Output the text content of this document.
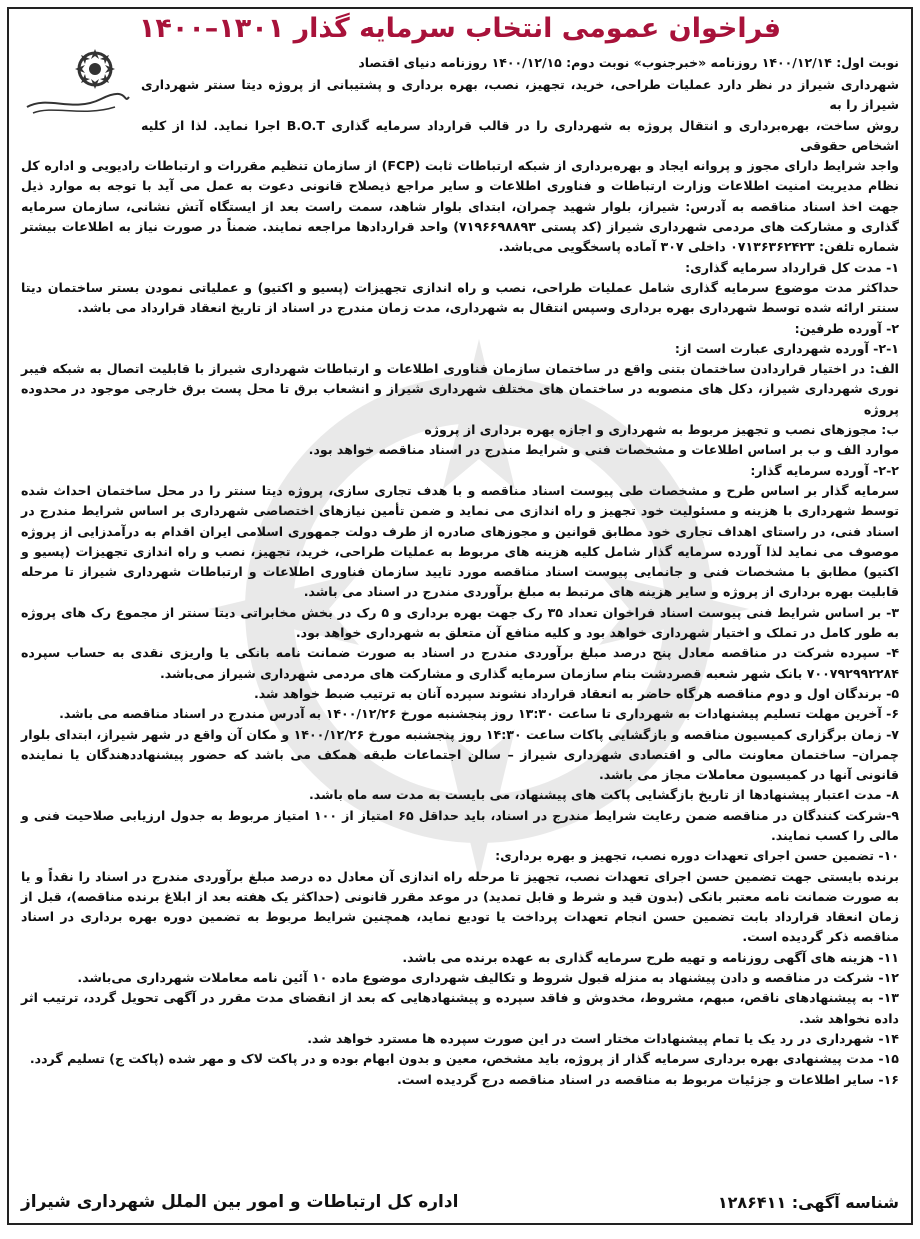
فراخوان عمومی انتخاب سرمایه گذار ۱۳۰۱–۱۴۰۰
نوبت اول: ۱۴۰۰/۱۲/۱۴ روزنامه «خبرجنوب» نوبت دوم: ۱۴۰۰/۱۲/۱۵ روزنامه دنیای اقتصاد

شهرداری شیراز در نظر دارد عملیات طراحی، خرید، تجهیز، نصب، بهره برداری و پشتیبانی از پروژه دیتا سنتر شهرداری شیراز را به

روش ساخت، بهره‌برداری و انتقال پروژه به شهرداری را در قالب قرارداد سرمایه گذاری B.O.T اجرا نماید. لذا از کلیه اشخاص حقوقی

واجد شرایط دارای مجوز و پروانه ایجاد و بهره‌برداری از شبکه ارتباطات ثابت (FCP) از سازمان تنظیم مقررات و ارتباطات رادیویی و اداره کل نظام مدیریت امنیت اطلاعات وزارت ارتباطات و فناوری اطلاعات و سایر مراجع ذیصلاح قانونی دعوت به عمل می آید با توجه به موارد ذیل جهت اخذ اسناد مناقصه به آدرس: شیراز، بلوار شهید چمران، ابتدای بلوار شاهد، سمت راست بعد از ایستگاه آتش نشانی، سازمان سرمایه گذاری و مشارکت های مردمی شهرداری شیراز (کد پستی ۷۱۹۶۶۹۸۸۹۳) واحد قراردادها مراجعه نمایند. ضمناً در صورت نیاز به اطلاعات بیشتر شماره تلفن: ۰۷۱۳۶۳۶۲۴۲۳ داخلی ۳۰۷ آماده پاسخگویی می‌باشد.

۱- مدت کل قرارداد سرمایه گذاری:

حداکثر مدت موضوع سرمایه گذاری شامل عملیات طراحی، نصب و راه اندازی تجهیزات (پسیو و اکتیو) و عملیاتی نمودن بستر ساختمان دیتا سنتر ارائه شده توسط شهرداری بهره برداری وسپس انتقال به شهرداری، مدت زمان مندرج در اسناد از تاریخ انعقاد قرارداد می باشد.

۲- آورده طرفین:

۲-۱- آورده شهرداری عبارت است از:

الف: در اختیار قراردادن ساختمان بتنی واقع در ساختمان سازمان فناوری اطلاعات و ارتباطات شهرداری شیراز با قابلیت اتصال به شبکه فیبر نوری شهرداری شیراز، دکل های منصوبه در ساختمان های مختلف شهرداری شیراز و انشعاب برق تا محل پست برق خارجی موجود در محدوده پروژه

ب: مجوزهای نصب و تجهیز مربوط به شهرداری و اجازه بهره برداری از پروژه

موارد الف و ب بر اساس اطلاعات و مشخصات فنی و شرایط مندرج در اسناد مناقصه خواهد بود.

۲-۲- آورده سرمایه گذار:

سرمایه گذار بر اساس طرح و مشخصات طی پیوست اسناد مناقصه و با هدف تجاری سازی، پروژه دیتا سنتر را در محل ساختمان احداث شده توسط شهرداری با هزینه و مسئولیت خود تجهیز و راه اندازی می نماید و ضمن تأمین نیازهای اختصاصی شهرداری بر اساس شرایط مندرج در اسناد فنی، در راستای اهداف تجاری خود مطابق قوانین و مجوزهای صادره از طرف دولت جمهوری اسلامی ایران اقدام به درآمدزایی از پروژه موصوف می نماید لذا آورده سرمایه گذار شامل کلیه هزینه های مربوط به عملیات طراحی، خرید، تجهیز، نصب و راه اندازی تجهیزات (پسیو و اکتیو) مطابق با مشخصات فنی و جانمایی پیوست اسناد مناقصه مورد تایید سازمان فناوری اطلاعات و ارتباطات شهرداری شیراز تا مرحله قابلیت بهره برداری از پروژه و سایر هزینه های مرتبط به مبلغ برآوردی مندرج در اسناد می باشد.

۳- بر اساس شرایط فنی پیوست اسناد فراخوان تعداد ۳۵ رک جهت بهره برداری و ۵ رک در بخش مخابراتی دیتا سنتر از مجموع رک های پروژه به طور کامل در تملک و اختیار شهرداری خواهد بود و کلیه منافع آن متعلق به شهرداری خواهد بود.

۴- سپرده شرکت در مناقصه معادل پنج درصد مبلغ برآوردی مندرج در اسناد به صورت ضمانت نامه بانکی یا واریزی نقدی به حساب سپرده ۷۰۰۷۹۲۹۹۲۲۸۴ بانک شهر شعبه قصردشت بنام سازمان سرمایه گذاری و مشارکت های مردمی شهرداری شیراز می‌باشد.

۵- برندگان اول و دوم مناقصه هرگاه حاضر به انعقاد قرارداد نشوند سپرده آنان به ترتیب ضبط خواهد شد.

۶- آخرین مهلت تسلیم پیشنهادات به شهرداری تا ساعت ۱۳:۳۰ روز پنجشنبه مورخ ۱۴۰۰/۱۲/۲۶ به آدرس مندرج در اسناد مناقصه می باشد.

۷- زمان برگزاری کمیسیون مناقصه و بازگشایی پاکات ساعت ۱۴:۳۰ روز پنجشنبه مورخ ۱۴۰۰/۱۲/۲۶ و مکان آن واقع در شهر شیراز، ابتدای بلوار چمران– ساختمان معاونت مالی و اقتصادی شهرداری شیراز – سالن اجتماعات طبقه همکف می باشد که حضور پیشنهاددهندگان یا نماینده قانونی آنها در کمیسیون معاملات مجاز می باشد.

۸- مدت اعتبار پیشنهادها از تاریخ بازگشایی پاکت های پیشنهاد، می بایست به مدت سه ماه باشد.

۹-شرکت کنندگان در مناقصه ضمن رعایت شرایط مندرج در اسناد، باید حداقل ۶۵ امتیاز از ۱۰۰ امتیاز مربوط به جدول ارزیابی صلاحیت فنی و مالی را کسب نمایند.

۱۰- تضمین حسن اجرای تعهدات دوره نصب، تجهیز و بهره برداری:

برنده بایستی جهت تضمین حسن اجرای تعهدات نصب، تجهیز تا مرحله راه اندازی آن معادل ده درصد مبلغ برآوردی مندرج در اسناد را نقداً و یا به صورت ضمانت نامه معتبر بانکی (بدون قید و شرط و قابل تمدید) در موعد مقرر قانونی (حداکثر یک هفته بعد از ابلاغ برنده مناقصه)، قبل از زمان انعقاد قرارداد بابت تضمین حسن انجام تعهدات پرداخت یا تودیع نماید، همچنین شرایط مربوط به تضمین دوره بهره برداری در اسناد مناقصه ذکر گردیده است.

۱۱- هزینه های آگهی روزنامه و تهیه طرح سرمایه گذاری به عهده برنده می باشد.

۱۲- شرکت در مناقصه و دادن پیشنهاد به منزله قبول شروط و تکالیف شهرداری موضوع ماده ۱۰ آئین نامه معاملات شهرداری می‌باشد.

۱۳- به پیشنهادهای ناقص، مبهم، مشروط، مخدوش و فاقد سپرده و پیشنهادهایی که بعد از انقضای مدت مقرر در آگهی تحویل گردد، ترتیب اثر داده نخواهد شد.

۱۴- شهرداری در رد یک یا تمام پیشنهادات مختار است در این صورت سپرده ها مسترد خواهد شد.

۱۵- مدت پیشنهادی بهره برداری سرمایه گذار از پروژه، باید مشخص، معین و بدون ابهام بوده و در پاکت لاک و مهر شده (پاکت ج) تسلیم گردد.

۱۶- سایر اطلاعات و جزئیات مربوط به مناقصه در اسناد مناقصه درج گردیده است.

شناسه آگهی: ۱۲۸۶۴۱۱
اداره کل ارتباطات و امور بین الملل شهرداری شیراز
